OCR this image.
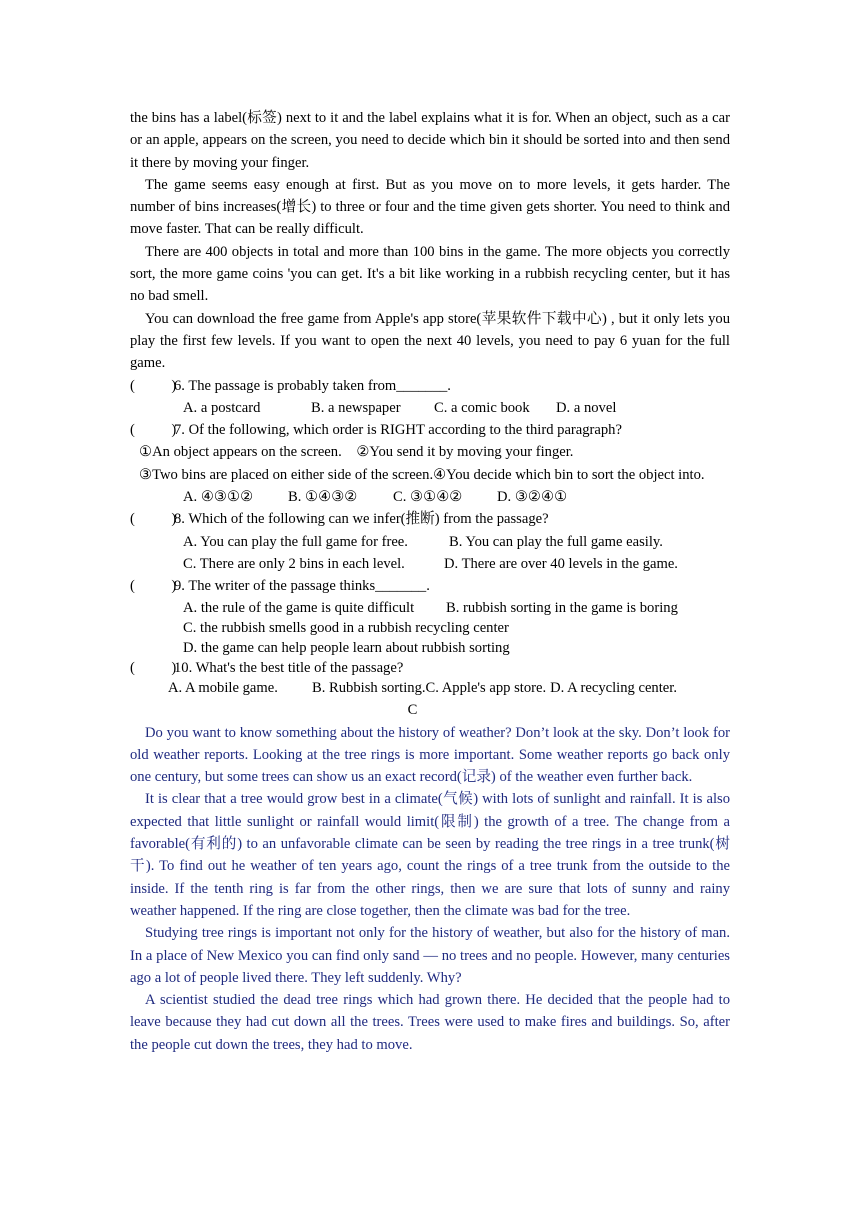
the bins has a label(标签) next to it and the label explains what it is for. When an object, such as a car or an apple, appears on the screen, you need to decide which bin it should be sorted into and then send it there by moving your finger.

The game seems easy enough at first. But as you move on to more levels, it gets harder. The number of bins increases(增长) to three or four and the time given gets shorter. You need to think and move faster. That can be really difficult.

There are 400 objects in total and more than 100 bins in the game. The more objects you correctly sort, the more game coins 'you can get. It's a bit like working in a rubbish recycling center, but it has no bad smell.

You can download the free game from Apple's app store(苹果软件下载中心) , but it only lets you play the first few levels. If you want to open the next 40 levels, you need to pay 6 yuan for the full game.

(          )
6. The passage is probably taken from_______.
A. a postcard	B. a newspaper C. a comic book D. a novel
(          )
7. Of the following, which order is RIGHT according to the third paragraph?
①An object appears on the screen.    ②You send it by moving your finger.

③Two bins are placed on either side of the screen.④You decide which bin to sort the object into.

A. ④③①② B. ①④③② C. ③①④② D. ③②④①
(          )
8. Which of the following can we infer(推断) from the passage?
A. You can play the full game for free.	B. You can play the full game easily.
C. There are only 2 bins in each level.	D. There are over 40 levels in the game.
(          )
9. The writer of the passage thinks_______.
A. the rule of the game is quite difficult B. rubbish sorting in the game is boring
C. the rubbish smells good in a rubbish recycling center
D. the game can help people learn about rubbish sorting
(          )
10. What's the best title of the passage?
A. A mobile game. B. Rubbish sorting.C. Apple's app store. D. A recycling center.
C

Do you want to know something about the history of weather? Don’t look at the sky. Don’t look for old weather reports. Looking at the tree rings is more important. Some weather reports go back only one century, but some trees can show us an exact record(记录) of the weather even further back.

It is clear that a tree would grow best in a climate(气候) with lots of sunlight and rainfall. It is also expected that little sunlight or rainfall would limit(限制) the growth of a tree. The change from a favorable(有利的) to an unfavorable climate can be seen by reading the tree rings in a tree trunk(树干). To find out he weather of ten years ago, count the rings of a tree trunk from the outside to the inside. If the tenth ring is far from the other rings, then we are sure that lots of sunny and rainy weather happened. If the ring are close together, then the climate was bad for the tree.

Studying tree rings is important not only for the history of weather, but also for the history of man. In a place of New Mexico you can find only sand — no trees and no people. However, many centuries ago a lot of people lived there. They left suddenly. Why?

A scientist studied the dead tree rings which had grown there. He decided that the people had to leave because they had cut down all the trees. Trees were used to make fires and buildings. So, after the people cut down the trees, they had to move.
